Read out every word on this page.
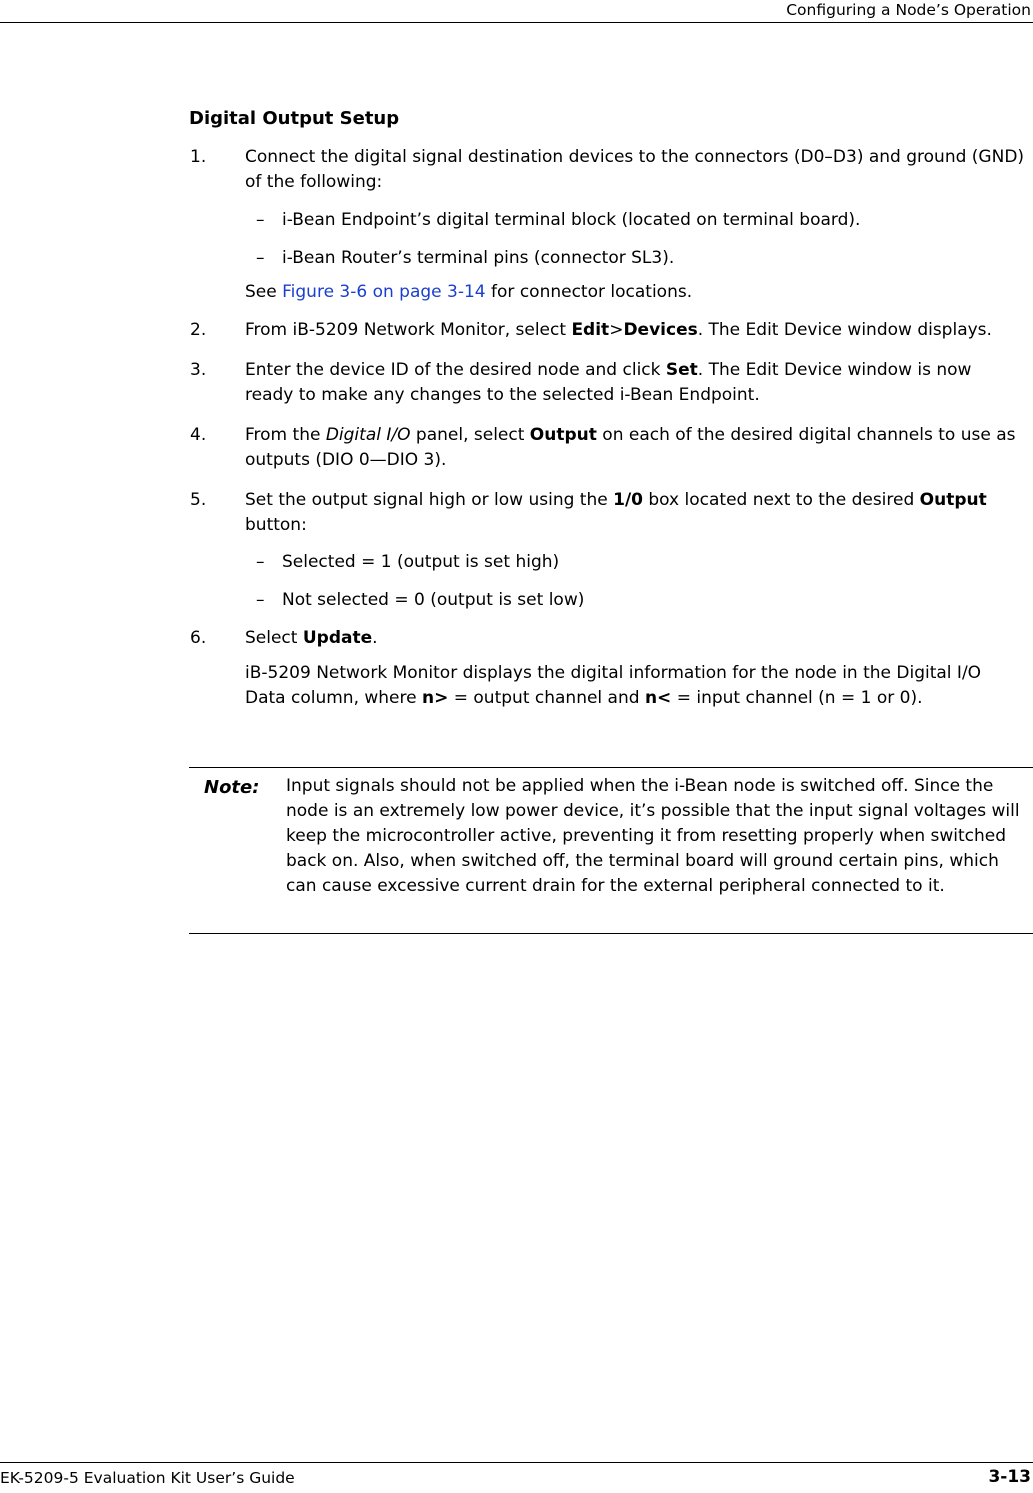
Configuring a Node’s Operation
Digital Output Setup
1. Connect the digital signal destination devices to the connectors (D0–D3) and ground (GND) of the following:
– i-Bean Endpoint’s digital terminal block (located on terminal board).
– i-Bean Router’s terminal pins (connector SL3).
See Figure 3-6 on page 3-14 for connector locations.
2. From iB-5209 Network Monitor, select Edit>Devices. The Edit Device window displays.
3. Enter the device ID of the desired node and click Set. The Edit Device window is now ready to make any changes to the selected i-Bean Endpoint.
4. From the Digital I/O panel, select Output on each of the desired digital channels to use as outputs (DIO 0—DIO 3).
5. Set the output signal high or low using the 1/0 box located next to the desired Output button:
– Selected = 1 (output is set high)
– Not selected = 0 (output is set low)
6. Select Update.
iB-5209 Network Monitor displays the digital information for the node in the Digital I/O Data column, where n> = output channel and n< = input channel (n = 1 or 0).
Note: Input signals should not be applied when the i-Bean node is switched off. Since the node is an extremely low power device, it’s possible that the input signal voltages will keep the microcontroller active, preventing it from resetting properly when switched back on. Also, when switched off, the terminal board will ground certain pins, which can cause excessive current drain for the external peripheral connected to it.
EK-5209-5 Evaluation Kit User’s Guide	3-13
